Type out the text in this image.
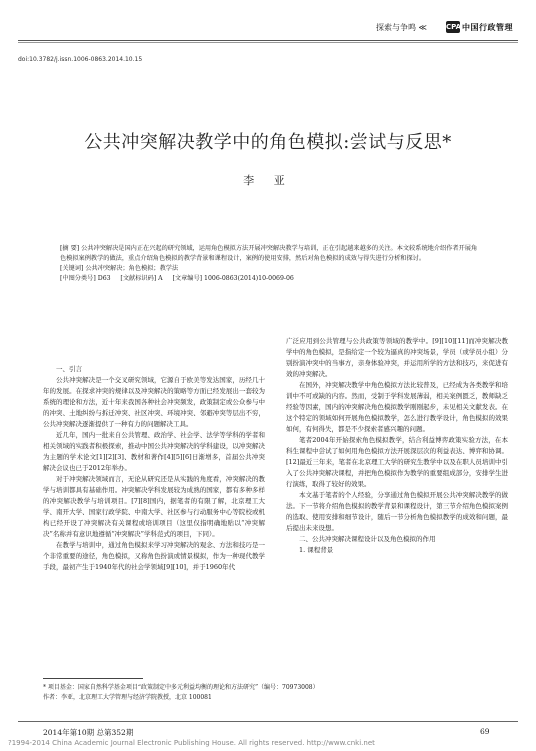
探索与争鸣 ≪	CPA 中国行政管理
doi:10.3782/j.issn.1006-0863.2014.10.15
公共冲突解决教学中的角色模拟:尝试与反思*
李 亚

[摘 要] 公共冲突解决是国内正在兴起的研究领域，运用角色模拟方法开展冲突解决教学与培训，正在引起越来越多的关注。本文较系统地介绍作者开展角色模拟案例教学的做法，重点介绍角色模拟的教学背景和课程设计，案例的使用安排，然后对角色模拟的成效与得失进行分析和探讨。

[关键词] 公共冲突解决；角色模拟；教学法

[中图分类号] D63 [文献标识码] A [文章编号] 1006-0863(2014)10-0069-06

一、引言

公共冲突解决是一个交叉研究领域，它源自于欧美等发达国家，历经几十年的发展。在探求冲突的规律以及冲突解决的策略等方面已经发展出一套较为系统的理论和方法，近十年来我国各种社会冲突频发，政策制定或公众参与中的冲突、土地纠纷与拆迁冲突、社区冲突、环境冲突、邻避冲突等层出不穷，公共冲突解决逐渐提供了一种有力的问题解决工具。

近几年，国内一批来自公共管理、政治学、社会学、法学等学科的学者和相关领域的实践者积极探索，推动中国公共冲突解决的学科建设，以冲突解决为主题的学术论文[1][2][3]、教材和著作[4][5][6]日渐增多，首届公共冲突解决会议也已于2012年举办。

对于冲突解决领域而言，无论从研究还是从实践的角度看，冲突解决的教学与培训都具有基础作用。冲突解决学科发展较为成熟的国家，都有多种多样的冲突解决教学与培训项目。[7][8]国内，据笔者的有限了解，北京理工大学、南开大学、国家行政学院、中南大学、社区参与行动服务中心等院校或机构已经开设了冲突解决有关课程或培训项目（这里仅指明确地贴以“冲突解决”名称并有意识地遵循“冲突解决”学科范式的项目，下同）。

在教学与培训中，通过角色模拟来学习冲突解决的观念、方法和技巧是一个非常重要的途径，角色模拟，又称角色扮演或情景模拟，作为一种现代教学手段，最初产生于1940年代的社会学领域[9][10]，并于1960年代

广泛应用到公共管理与公共政策等领域的教学中。[9][10][11]而冲突解决教学中的角色模拟，是指给定一个较为逼真的冲突场景，学员（或学员小组）分别扮演冲突中的当事方，亲身体验冲突，并运用所学的方法和技巧，来促进有效的冲突解决。

在国外，冲突解决教学中角色模拟方法比较普及，已经成为各类教学和培训中不可或缺的内容。然而，受制于学科发展薄弱，相关案例匮乏，教师缺乏经验等因素，国内的冲突解决角色模拟教学刚刚起步，未见相关文献发表。在这个特定的领域如何开展角色模拟教学，怎么进行教学设计，角色模拟的效果如何，有何得失，都是不少探索者感兴趣的问题。

笔者2004年开始探索角色模拟教学，结合利益博弈政策实验方法，在本科生课程中尝试了如何用角色模拟方法开展深层次的利益表达、博弈和协调。[12]最近三年来，笔者在北京理工大学的研究生教学中以及在职人员培训中引入了公共冲突解决课程，并把角色模拟作为教学的重要组成部分，安排学生进行演练，取得了较好的效果。

本文基于笔者的个人经验，分享通过角色模拟开展公共冲突解决教学的做法。下一节将介绍角色模拟的教学背景和课程设计，第三节介绍角色模拟案例的选取、使用安排和细节设计，随后一节分析角色模拟教学的成效和问题，最后提出未来设想。

二、公共冲突解决课程设计以及角色模拟的作用

1. 课程背景

* 项目基金：国家自然科学基金项目“政策制定中多元利益均衡的理论和方法研究”（编号：70973008）

作者：李亚，北京理工大学管理与经济学院教授，北京 100081

2014年第10期 总第352期	69
?1994-2014 China Academic Journal Electronic Publishing House. All rights reserved. http://www.cnki.net
